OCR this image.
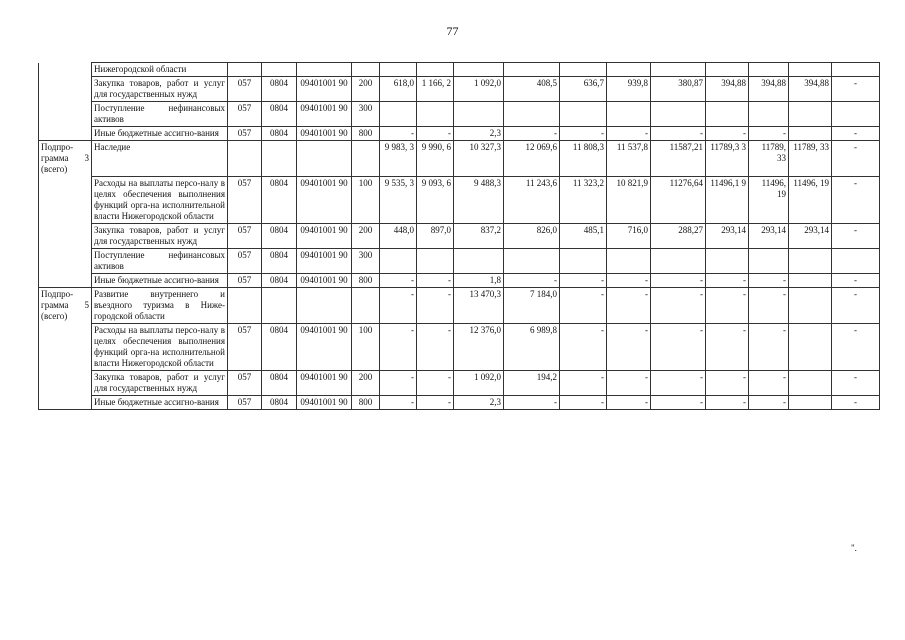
77
	Нижегородской области															
	Закупка товаров, работ и услуг для государственных нужд	057	0804	09401001 90	200	618,0	1 166, 2	1 092,0	408,5	636,7	939,8	380,87	394,88	394,88	394,88	-
	Поступление нефинансовых активов	057	0804	09401001 90	300											
	Иные бюджетные ассигно-вания	057	0804	09401001 90	800	-	-	2,3	-	-	-	-	-	-		-
Подпро-грамма 3 (всего)	Наследие					9 983, 3	9 990, 6	10 327,3	12 069,6	11 808,3	11 537,8	11587,21	11789,3 3	11789, 33	11789, 33	-
	Расходы на выплаты персо-налу в целях обеспечения выполнения функций орга-на исполнительной власти Нижегородской области	057	0804	09401001 90	100	9 535, 3	9 093, 6	9 488,3	11 243,6	11 323,2	10 821,9	11276,64	11496,1 9	11496, 19	11496, 19	-
	Закупка товаров, работ и услуг для государственных нужд	057	0804	09401001 90	200	448,0	897,0	837,2	826,0	485,1	716,0	288,27	293,14	293,14	293,14	-
	Поступление нефинансовых активов	057	0804	09401001 90	300											
	Иные бюджетные ассигно-вания	057	0804	09401001 90	800	-	-	1,8	-	-	-	-	-	-		-
Подпро-грамма 5 (всего)	Развитие внутреннего и въездного туризма в Ниже-городской области					-	-	13 470,3	7 184,0	-	-	-	-	-		-
	Расходы на выплаты персо-налу в целях обеспечения выполнения функций орга-на исполнительной власти Нижегородской области	057	0804	09401001 90	100	-	-	12 376,0	6 989,8	-	-	-	-	-		-
	Закупка товаров, работ и услуг для государственных нужд	057	0804	09401001 90	200	-	-	1 092,0	194,2	-	-	-	-	-		-
	Иные бюджетные ассигно-вания	057	0804	09401001 90	800	-	-	2,3	-	-	-	-	-	-		-
".
